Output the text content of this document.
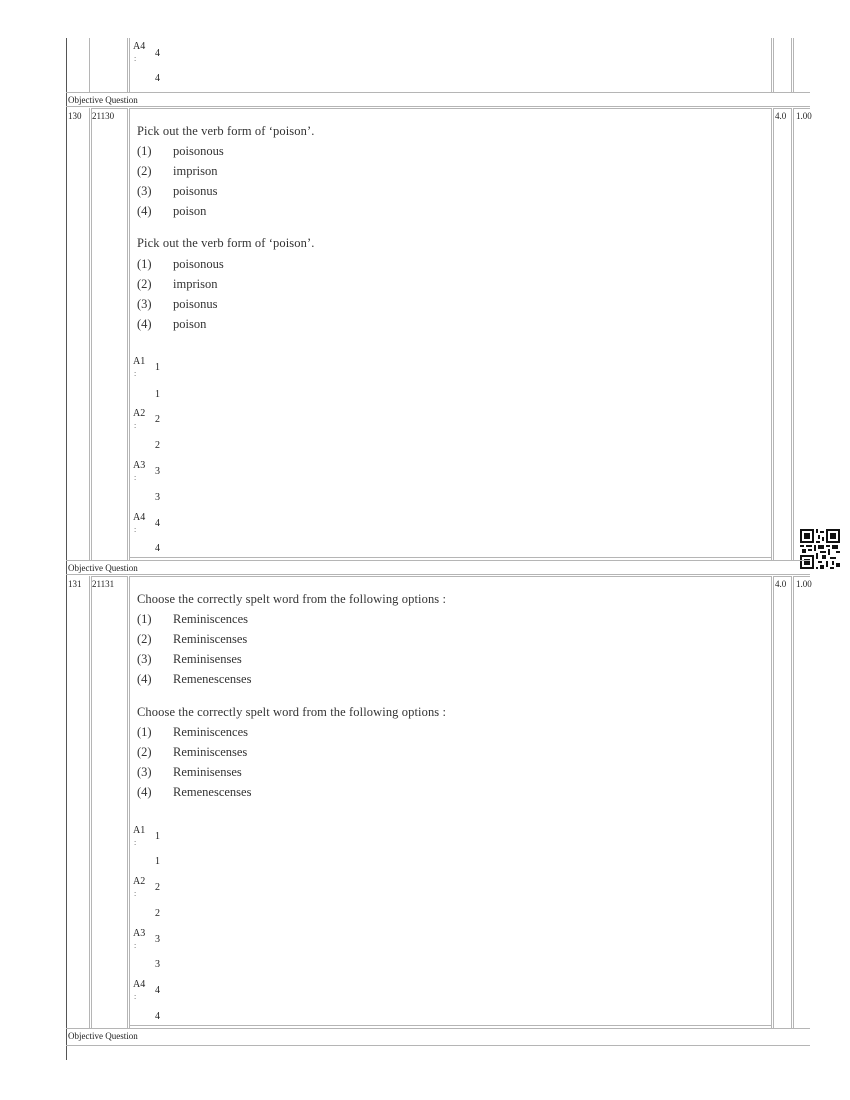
A4
: 4
4
Objective Question
130 21130	4.0 1.00
Pick out the verb form of ‘poison’.
(1) poisonous
(2) imprison
(3) poisonus
(4) poison
Pick out the verb form of ‘poison’.
(1) poisonous
(2) imprison
(3) poisonus
(4) poison
A1
:
1
1
A2
:
2
2
A3
:
3
3
A4
:
4
4
Objective Question
131 21131	4.0 1.00
Choose the correctly spelt word from the following options :
(1) Reminiscences
(2) Reminiscenses
(3) Reminisenses
(4) Remenescenses
Choose the correctly spelt word from the following options :
(1) Reminiscences
(2) Reminiscenses
(3) Reminisenses
(4) Remenescenses
A1
:
1
1
A2
:
2
2
A3
:
3
3
A4
:
4
4
Objective Question
